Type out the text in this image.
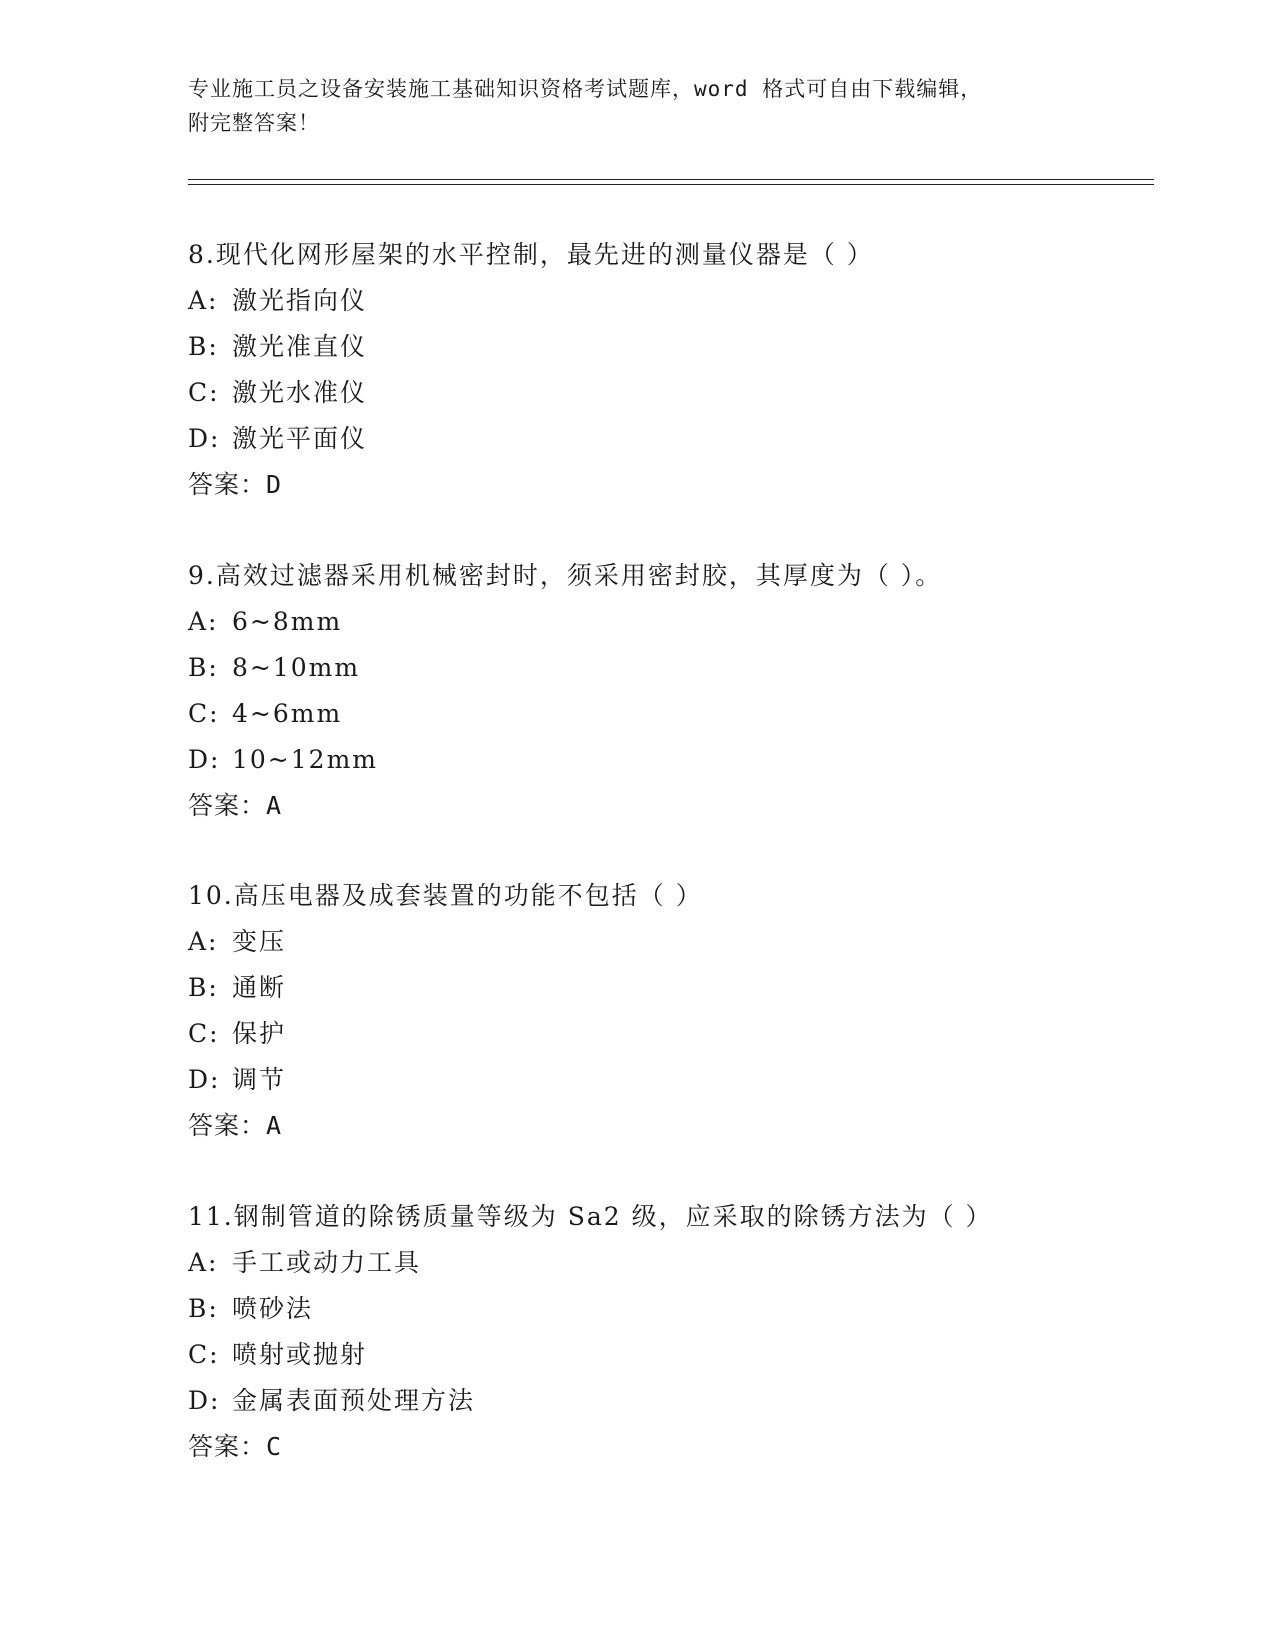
专业施工员之设备安装施工基础知识资格考试题库，word 格式可自由下载编辑，
附完整答案！
8.现代化网形屋架的水平控制，最先进的测量仪器是（ ）
A: 激光指向仪
B: 激光准直仪
C: 激光水准仪
D: 激光平面仪
答案：D
9.高效过滤器采用机械密封时，须采用密封胶，其厚度为（ ）。
A: 6~8mm
B: 8~10mm
C: 4~6mm
D: 10~12mm
答案：A
10.高压电器及成套装置的功能不包括（ ）
A: 变压
B: 通断
C: 保护
D: 调节
答案：A
11.钢制管道的除锈质量等级为 Sa2 级，应采取的除锈方法为（ ）
A: 手工或动力工具
B: 喷砂法
C: 喷射或抛射
D: 金属表面预处理方法
答案：C
